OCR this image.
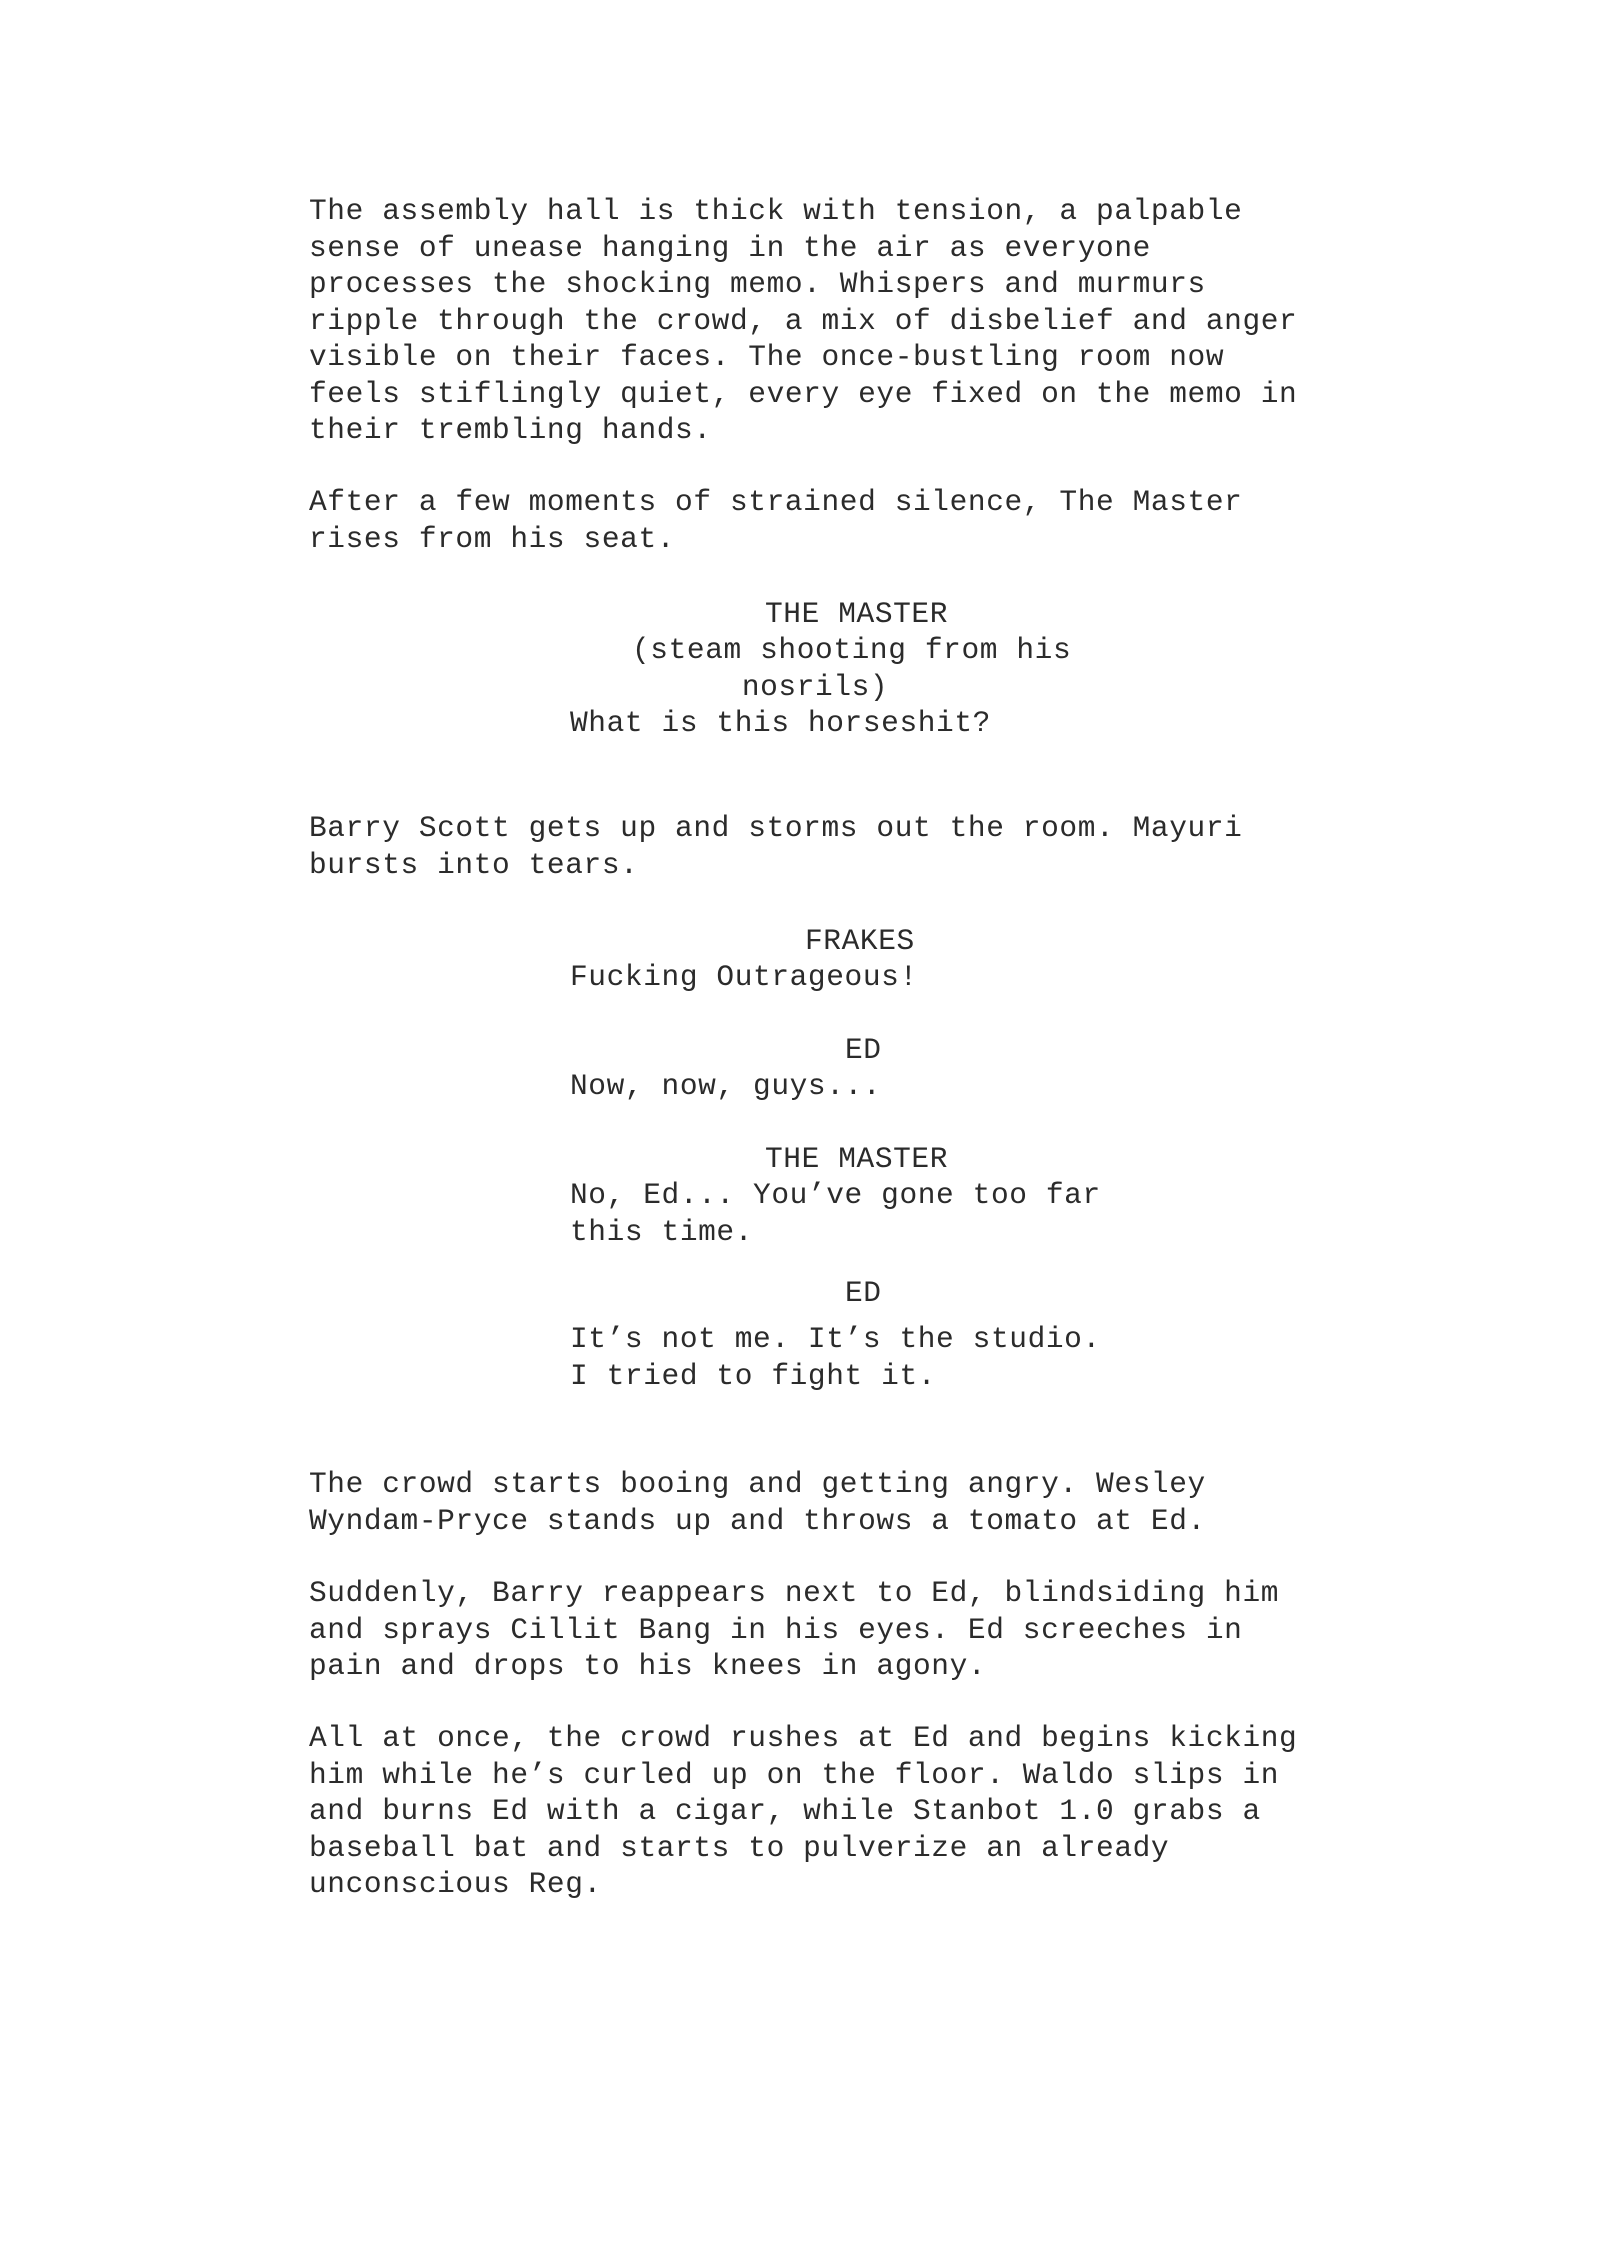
The assembly hall is thick with tension, a palpable
sense of unease hanging in the air as everyone
processes the shocking memo. Whispers and murmurs
ripple through the crowd, a mix of disbelief and anger
visible on their faces. The once-bustling room now
feels stiflingly quiet, every eye fixed on the memo in
their trembling hands.

After a few moments of strained silence, The Master
rises from his seat.

THE MASTER

(steam shooting from his
nosrils)

What is this horseshit?

Barry Scott gets up and storms out the room. Mayuri
bursts into tears.

FRAKES

Fucking Outrageous!

ED

Now, now, guys...

THE MASTER

No, Ed... You’ve gone too far
this time.

ED

It’s not me. It’s the studio.
I tried to fight it.

The crowd starts booing and getting angry. Wesley
Wyndam-Pryce stands up and throws a tomato at Ed.

Suddenly, Barry reappears next to Ed, blindsiding him
and sprays Cillit Bang in his eyes. Ed screeches in
pain and drops to his knees in agony.

All at once, the crowd rushes at Ed and begins kicking
him while he’s curled up on the floor. Waldo slips in
and burns Ed with a cigar, while Stanbot 1.0 grabs a
baseball bat and starts to pulverize an already
unconscious Reg.
